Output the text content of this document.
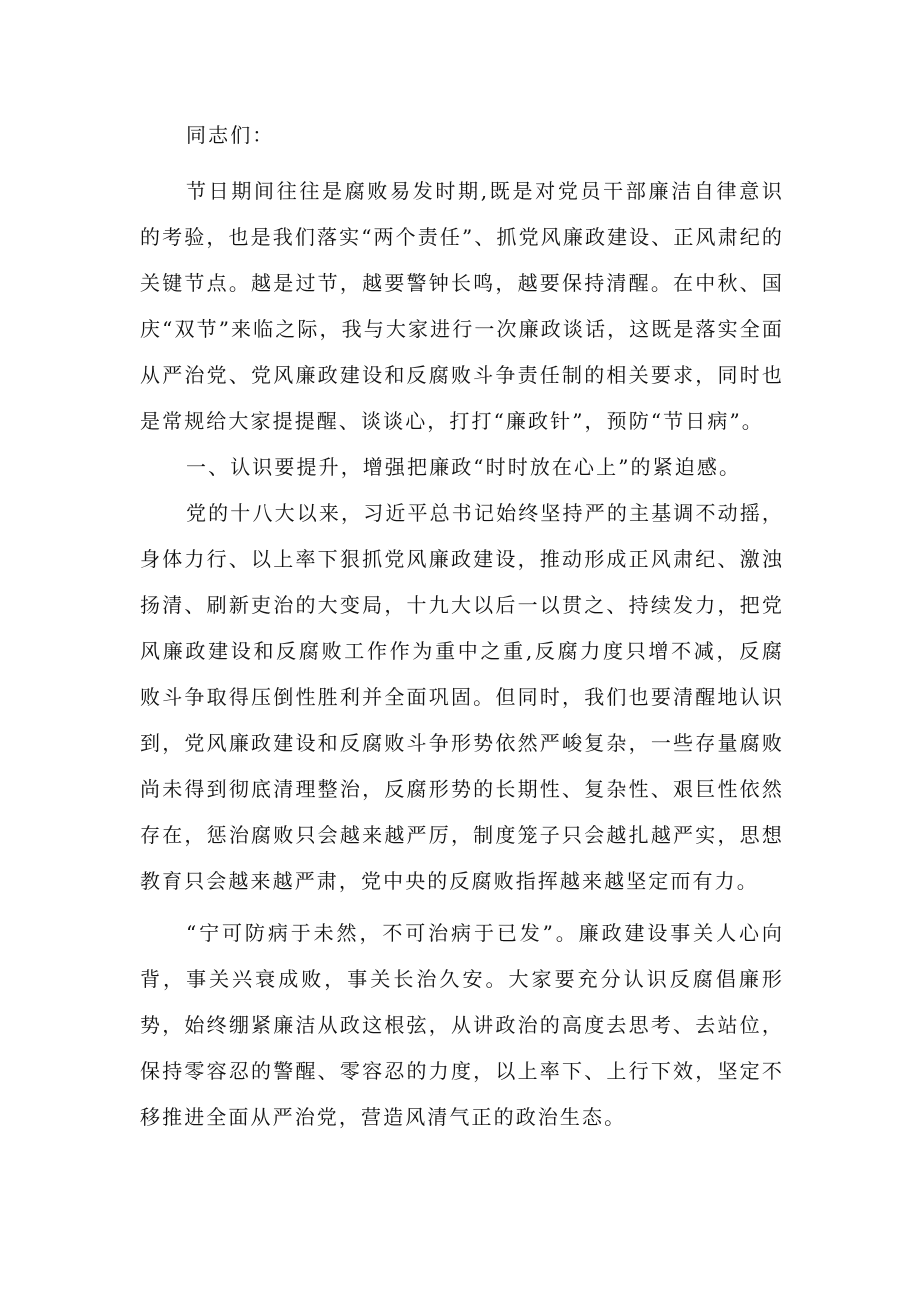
同志们：

节日期间往往是腐败易发时期,既是对党员干部廉洁自律意识的考验，也是我们落实“两个责任”、抓党风廉政建设、正风肃纪的关键节点。越是过节，越要警钟长鸣，越要保持清醒。在中秋、国庆“双节”来临之际，我与大家进行一次廉政谈话，这既是落实全面从严治党、党风廉政建设和反腐败斗争责任制的相关要求，同时也是常规给大家提提醒、谈谈心，打打“廉政针”，预防“节日病”。

一、认识要提升，增强把廉政“时时放在心上”的紧迫感。

党的十八大以来，习近平总书记始终坚持严的主基调不动摇，身体力行、以上率下狠抓党风廉政建设，推动形成正风肃纪、激浊扬清、刷新吏治的大变局，十九大以后一以贯之、持续发力，把党风廉政建设和反腐败工作作为重中之重,反腐力度只增不减，反腐败斗争取得压倒性胜利并全面巩固。但同时，我们也要清醒地认识到，党风廉政建设和反腐败斗争形势依然严峻复杂，一些存量腐败尚未得到彻底清理整治，反腐形势的长期性、复杂性、艰巨性依然存在，惩治腐败只会越来越严厉，制度笼子只会越扎越严实，思想教育只会越来越严肃，党中央的反腐败指挥越来越坚定而有力。

“宁可防病于未然，不可治病于已发”。廉政建设事关人心向背，事关兴衰成败，事关长治久安。大家要充分认识反腐倡廉形势，始终绷紧廉洁从政这根弦，从讲政治的高度去思考、去站位，保持零容忍的警醒、零容忍的力度，以上率下、上行下效，坚定不移推进全面从严治党，营造风清气正的政治生态。
